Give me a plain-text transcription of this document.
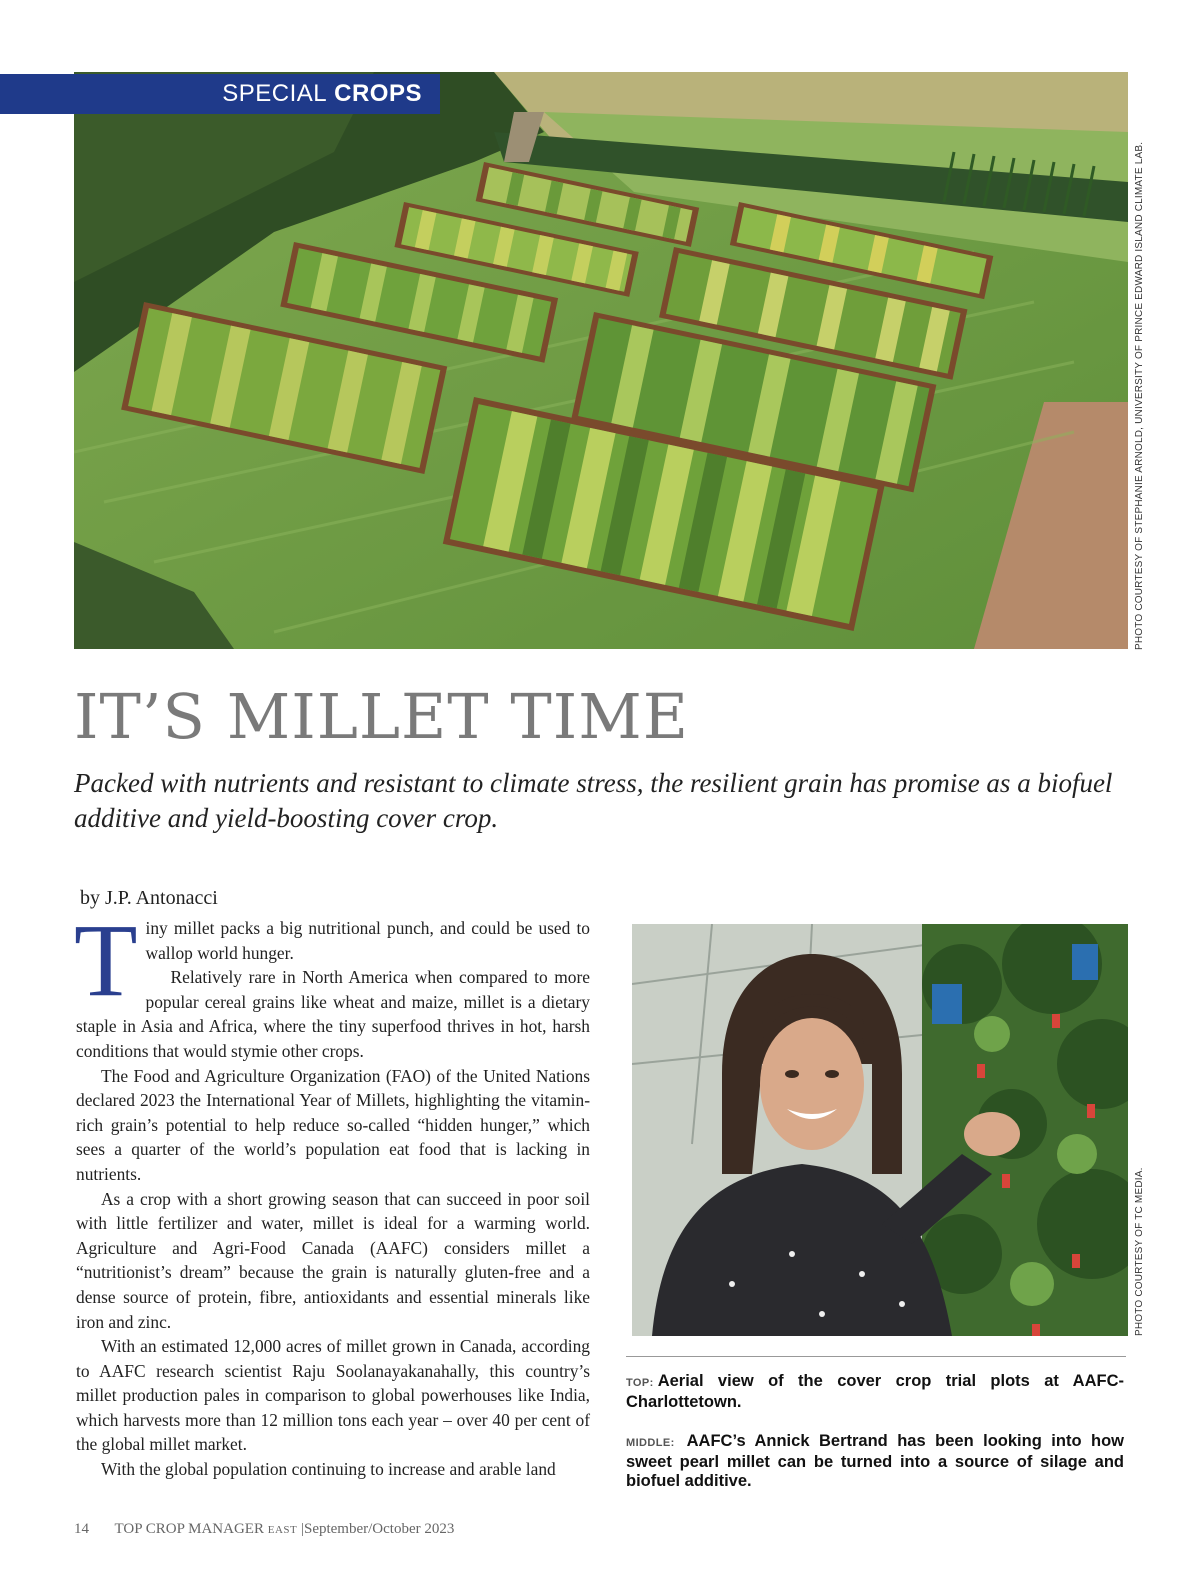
SPECIAL CROPS
PHOTO COURTESY OF STEPHANIE ARNOLD, UNIVERSITY OF PRINCE EDWARD ISLAND CLIMATE LAB.
IT’S MILLET TIME

Packed with nutrients and resistant to climate stress, the resilient grain has promise as a biofuel additive and yield-boosting cover crop.

by J.P. Antonacci

Tiny millet packs a big nutritional punch, and could be used to wallop world hunger.

Relatively rare in North America when compared to more popular cereal grains like wheat and maize, millet is a dietary staple in Asia and Africa, where the tiny superfood thrives in hot, harsh conditions that would stymie other crops.

The Food and Agriculture Organization (FAO) of the United Nations declared 2023 the International Year of Millets, highlighting the vitamin-rich grain’s potential to help reduce so-called “hidden hunger,” which sees a quarter of the world’s population eat food that is lacking in nutrients.

As a crop with a short growing season that can succeed in poor soil with little fertilizer and water, millet is ideal for a warming world. Agriculture and Agri-Food Canada (AAFC) considers millet a “nutritionist’s dream” because the grain is naturally gluten-free and a dense source of protein, fibre, antioxidants and essential minerals like iron and zinc.

With an estimated 12,000 acres of millet grown in Canada, according to AAFC research scientist Raju Soolanayakanahally, this country’s millet production pales in comparison to global powerhouses like India, which harvests more than 12 million tons each year – over 40 per cent of the global millet market.

With the global population continuing to increase and arable land

PHOTO COURTESY OF TC MEDIA.

TOP: Aerial view of the cover crop trial plots at AAFC-Charlottetown.

MIDDLE: AAFC’s Annick Bertrand has been looking into how sweet pearl millet can be turned into a source of silage and biofuel additive.

14 TOP CROP MANAGER EAST |September/October 2023
